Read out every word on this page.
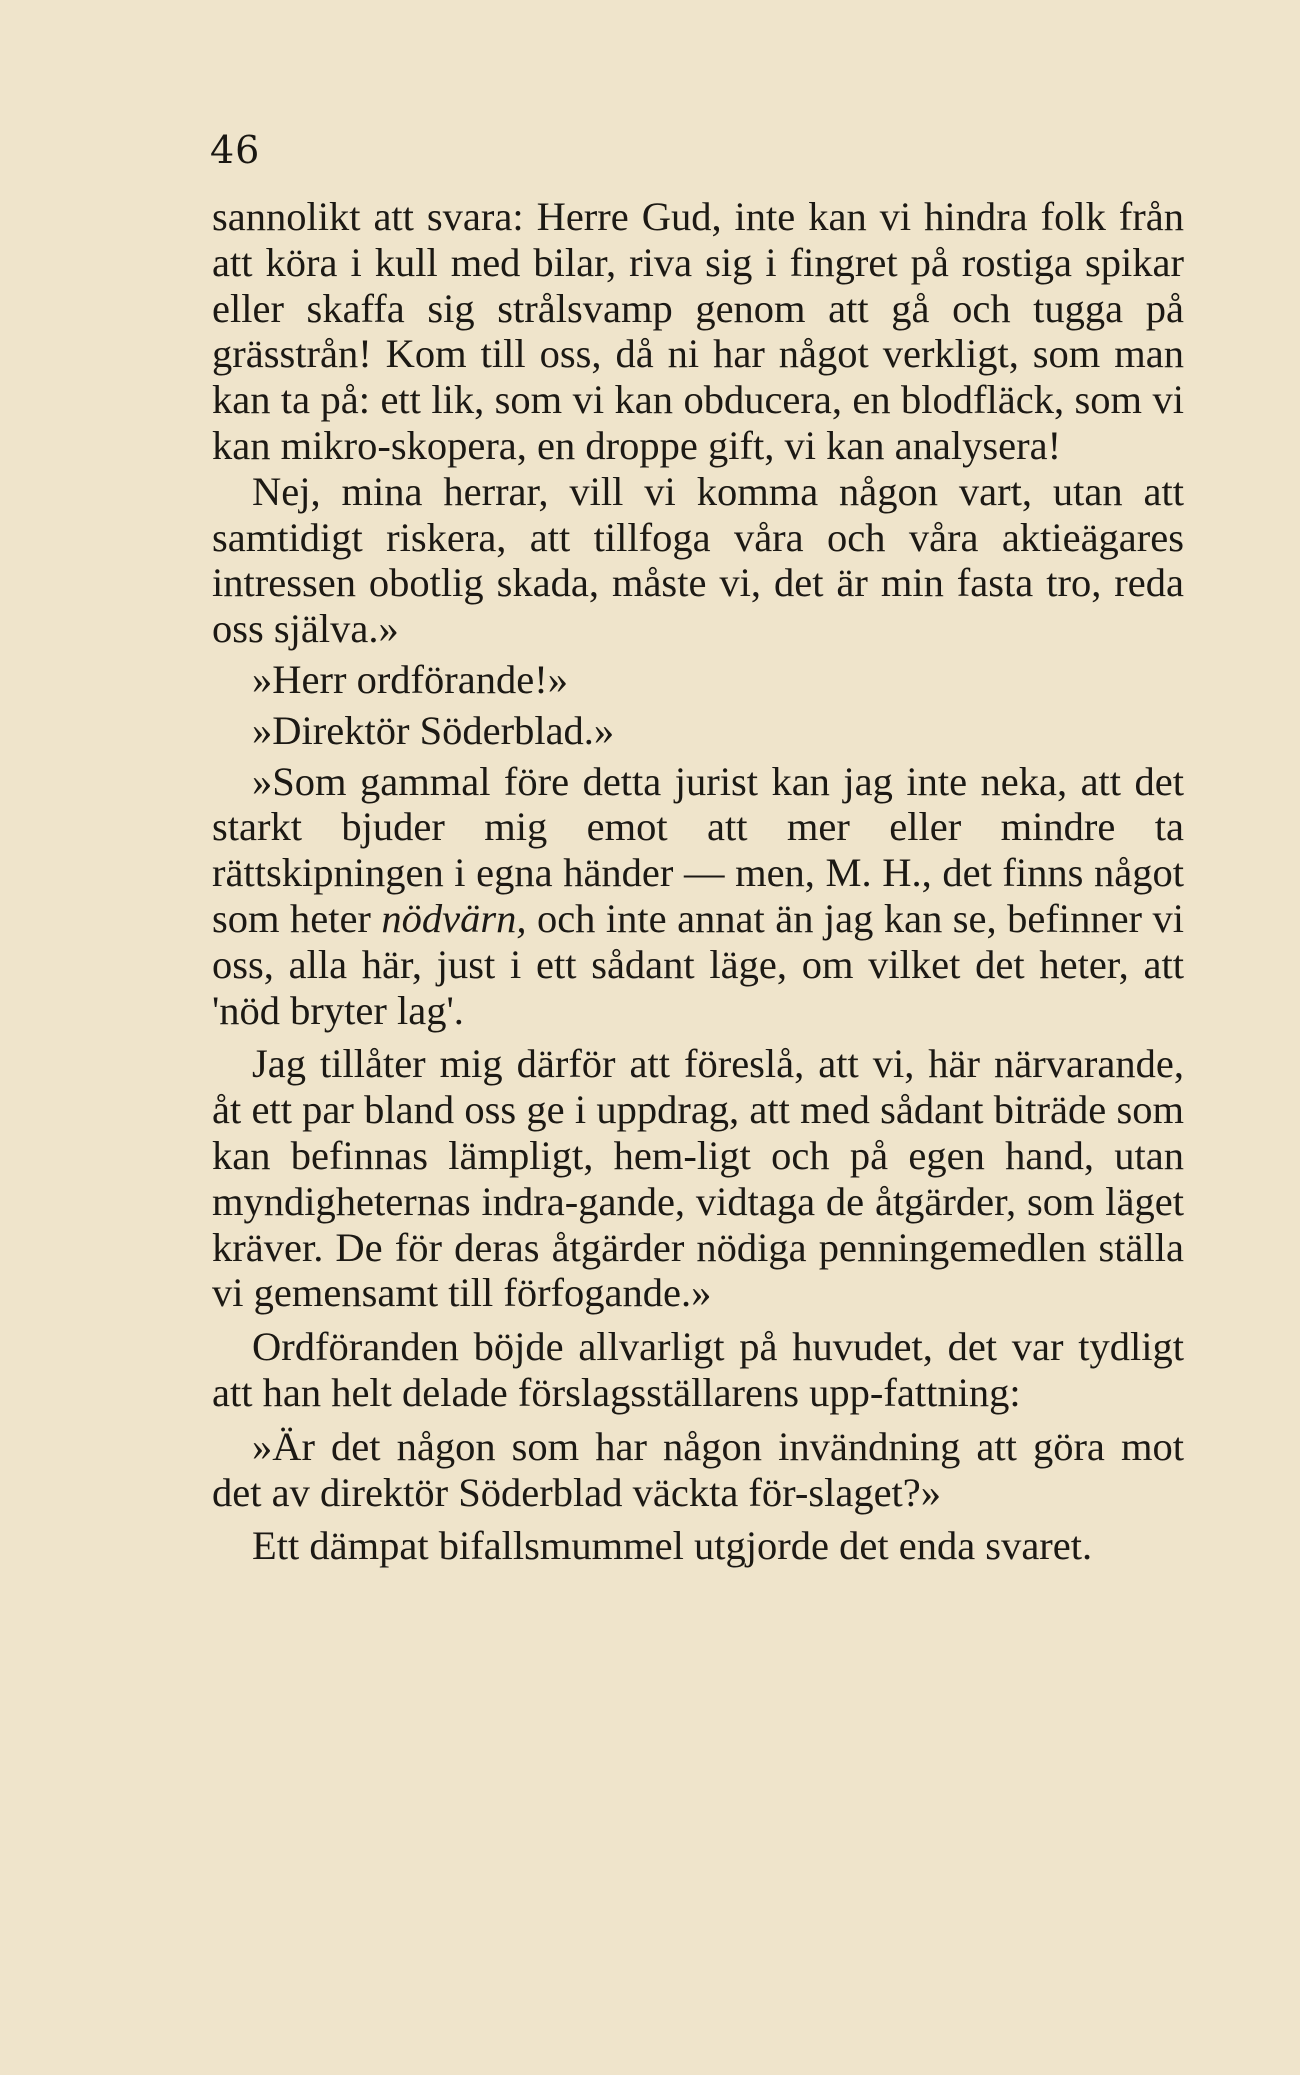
46

sannolikt att svara: Herre Gud, inte kan vi hindra folk från att köra i kull med bilar, riva sig i fingret på rostiga spikar eller skaffa sig strålsvamp genom att gå och tugga på grässtrån! Kom till oss, då ni har något verkligt, som man kan ta på: ett lik, som vi kan obducera, en blodfläck, som vi kan mikro-skopera, en droppe gift, vi kan analysera!

Nej, mina herrar, vill vi komma någon vart, utan att samtidigt riskera, att tillfoga våra och våra aktieägares intressen obotlig skada, måste vi, det är min fasta tro, reda oss själva.»

»Herr ordförande!»

»Direktör Söderblad.»

»Som gammal före detta jurist kan jag inte neka, att det starkt bjuder mig emot att mer eller mindre ta rättskipningen i egna händer — men, M. H., det finns något som heter nödvärn, och inte annat än jag kan se, befinner vi oss, alla här, just i ett sådant läge, om vilket det heter, att 'nöd bryter lag'.

Jag tillåter mig därför att föreslå, att vi, här närvarande, åt ett par bland oss ge i uppdrag, att med sådant biträde som kan befinnas lämpligt, hem-ligt och på egen hand, utan myndigheternas indra-gande, vidtaga de åtgärder, som läget kräver. De för deras åtgärder nödiga penningemedlen ställa vi gemensamt till förfogande.»

Ordföranden böjde allvarligt på huvudet, det var tydligt att han helt delade förslagsställarens upp-fattning:

»Är det någon som har någon invändning att göra mot det av direktör Söderblad väckta för-slaget?»

Ett dämpat bifallsmummel utgjorde det enda svaret.
